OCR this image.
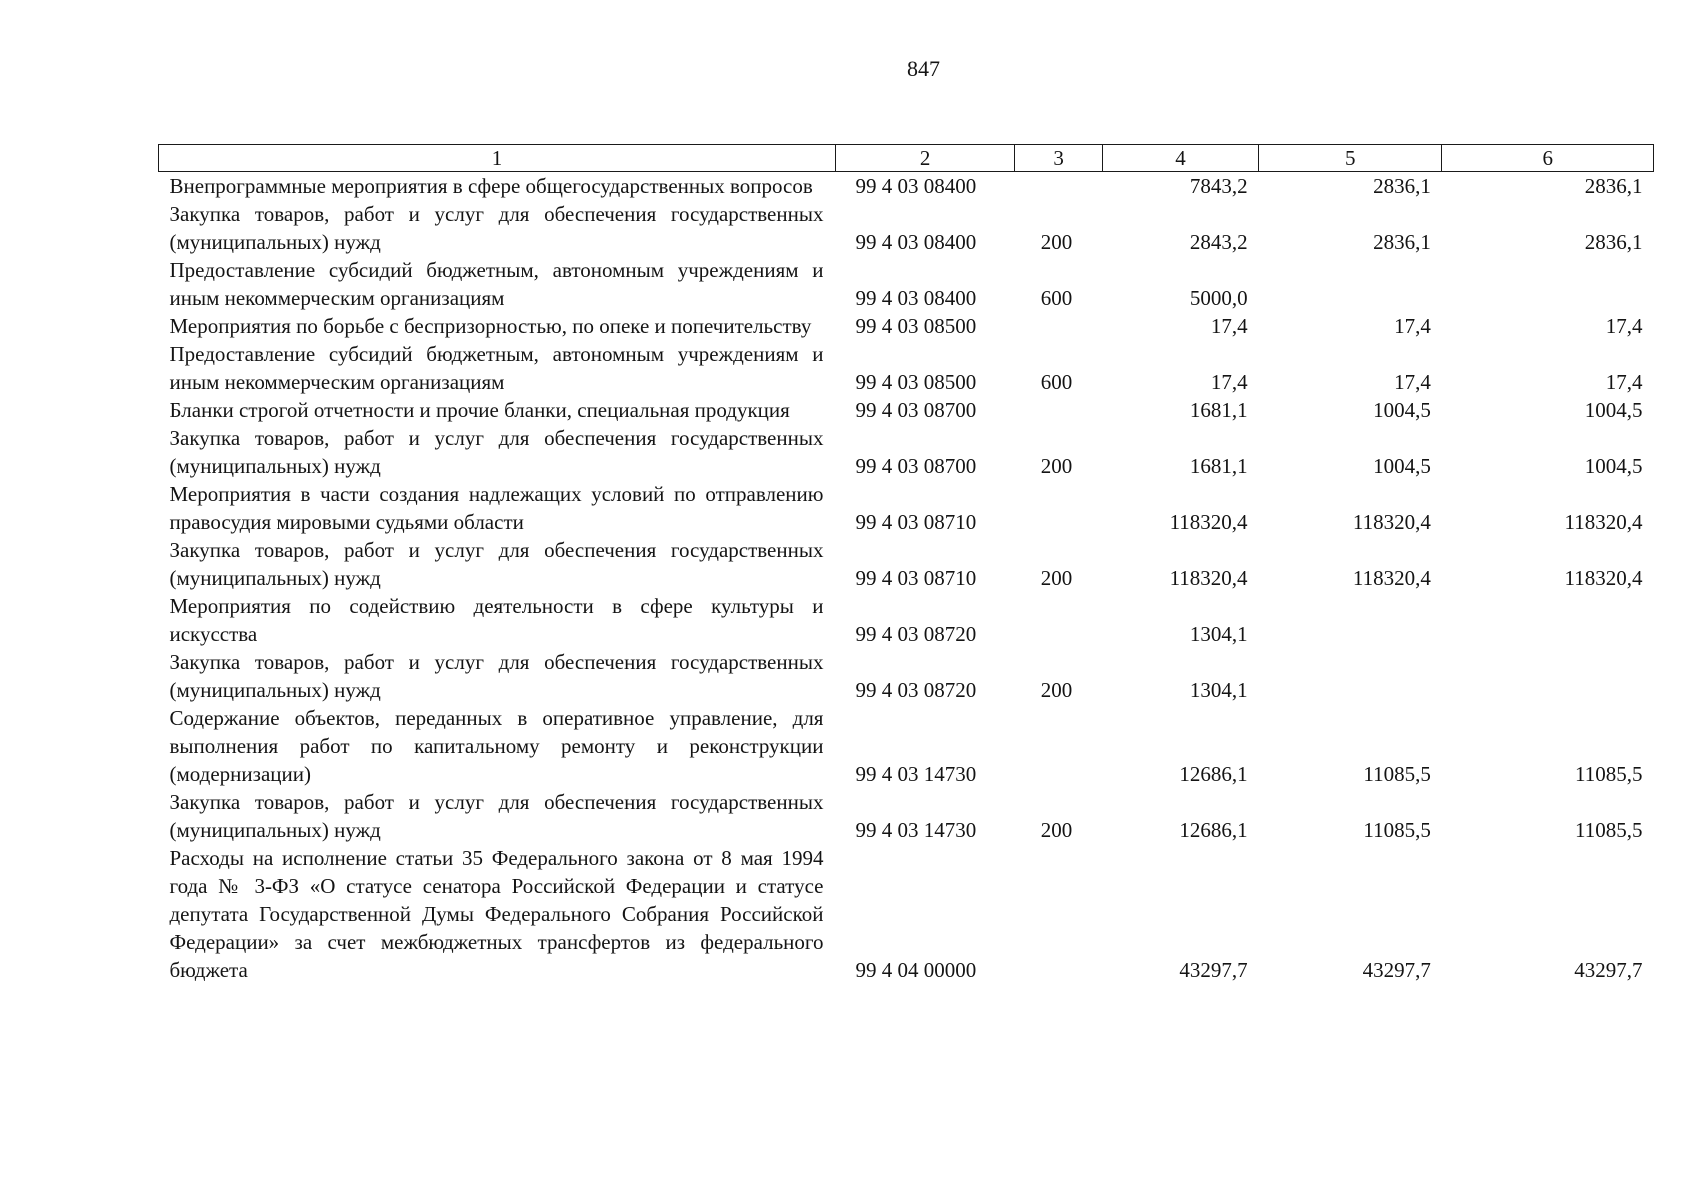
847
1	2	3	4	5	6
Внепрограммные мероприятия в сфере общегосударственных вопросов	99 4 03 08400		7843,2	2836,1	2836,1
Закупка товаров, работ и услуг для обеспечения государственных (муниципальных) нужд	99 4 03 08400	200	2843,2	2836,1	2836,1
Предоставление субсидий бюджетным, автономным учреждениям и иным некоммерческим организациям	99 4 03 08400	600	5000,0		
Мероприятия по борьбе с беспризорностью, по опеке и попечительству	99 4 03 08500		17,4	17,4	17,4
Предоставление субсидий бюджетным, автономным учреждениям и иным некоммерческим организациям	99 4 03 08500	600	17,4	17,4	17,4
Бланки строгой отчетности и прочие бланки, специальная продукция	99 4 03 08700		1681,1	1004,5	1004,5
Закупка товаров, работ и услуг для обеспечения государственных (муниципальных) нужд	99 4 03 08700	200	1681,1	1004,5	1004,5
Мероприятия в части создания надлежащих условий по отправлению правосудия мировыми судьями области	99 4 03 08710		118320,4	118320,4	118320,4
Закупка товаров, работ и услуг для обеспечения государственных (муниципальных) нужд	99 4 03 08710	200	118320,4	118320,4	118320,4
Мероприятия по содействию деятельности в сфере культуры и искусства	99 4 03 08720		1304,1		
Закупка товаров, работ и услуг для обеспечения государственных (муниципальных) нужд	99 4 03 08720	200	1304,1		
Содержание объектов, переданных в оперативное управление, для выполнения работ по капитальному ремонту и реконструкции (модернизации)	99 4 03 14730		12686,1	11085,5	11085,5
Закупка товаров, работ и услуг для обеспечения государственных (муниципальных) нужд	99 4 03 14730	200	12686,1	11085,5	11085,5
Расходы на исполнение статьи 35 Федерального закона от 8 мая 1994 года № 3-ФЗ «О статусе сенатора Российской Федерации и статусе депутата Государственной Думы Федерального Собрания Российской Федерации» за счет межбюджетных трансфертов из федерального бюджета	99 4 04 00000		43297,7	43297,7	43297,7
